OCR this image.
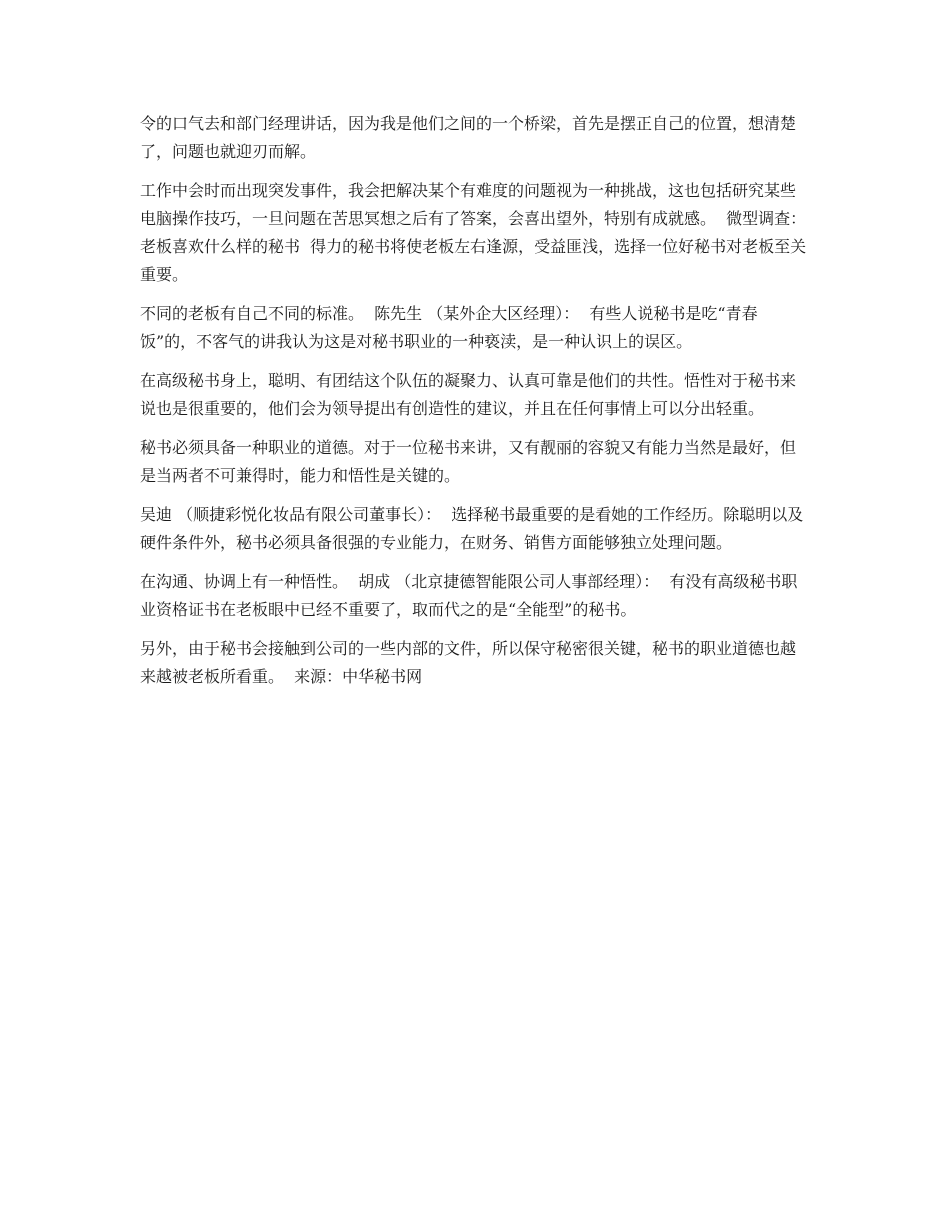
令的口气去和部门经理讲话，因为我是他们之间的一个桥梁，首先是摆正自己的位置，想清楚了，问题也就迎刃而解。

工作中会时而出现突发事件，我会把解决某个有难度的问题视为一种挑战，这也包括研究某些电脑操作技巧，一旦问题在苦思冥想之后有了答案，会喜出望外，特别有成就感。  微型调查：老板喜欢什么样的秘书  得力的秘书将使老板左右逢源，受益匪浅，选择一位好秘书对老板至关重要。

不同的老板有自己不同的标准。  陈先生 （某外企大区经理）：  有些人说秘书是吃“青春饭”的，不客气的讲我认为这是对秘书职业的一种亵渎，是一种认识上的误区。

在高级秘书身上，聪明、有团结这个队伍的凝聚力、认真可靠是他们的共性。悟性对于秘书来说也是很重要的，他们会为领导提出有创造性的建议，并且在任何事情上可以分出轻重。

秘书必须具备一种职业的道德。对于一位秘书来讲，又有靓丽的容貌又有能力当然是最好，但是当两者不可兼得时，能力和悟性是关键的。

吴迪 （顺捷彩悦化妆品有限公司董事长）：  选择秘书最重要的是看她的工作经历。除聪明以及硬件条件外，秘书必须具备很强的专业能力，在财务、销售方面能够独立处理问题。

在沟通、协调上有一种悟性。  胡成 （北京捷德智能限公司人事部经理）：  有没有高级秘书职业资格证书在老板眼中已经不重要了，取而代之的是“全能型”的秘书。

另外，由于秘书会接触到公司的一些内部的文件，所以保守秘密很关键，秘书的职业道德也越来越被老板所看重。  来源：中华秘书网
